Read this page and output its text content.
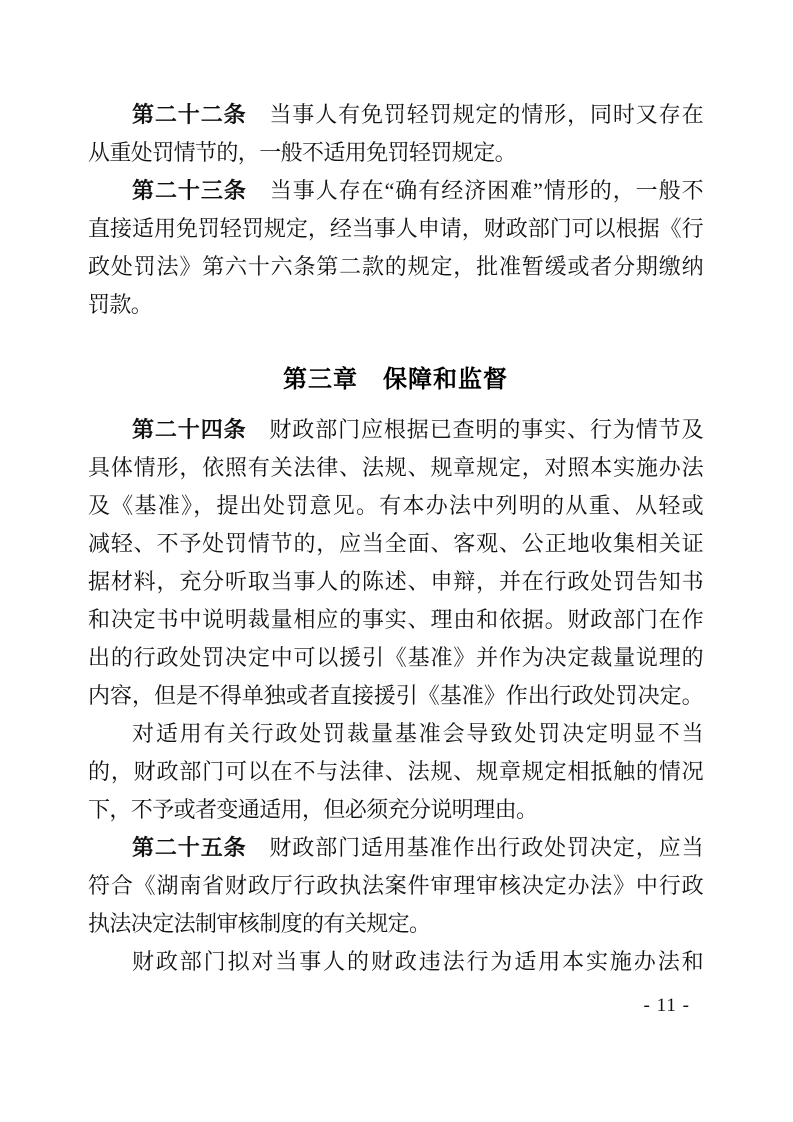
第二十二条　当事人有免罚轻罚规定的情形，同时又存在
从重处罚情节的，一般不适用免罚轻罚规定。
第二十三条　当事人存在“确有经济困难”情形的，一般不
直接适用免罚轻罚规定，经当事人申请，财政部门可以根据《行
政处罚法》第六十六条第二款的规定，批准暂缓或者分期缴纳
罚款。
第三章　保障和监督
第二十四条　财政部门应根据已查明的事实、行为情节及
具体情形，依照有关法律、法规、规章规定，对照本实施办法
及《基准》，提出处罚意见。有本办法中列明的从重、从轻或
减轻、不予处罚情节的，应当全面、客观、公正地收集相关证
据材料，充分听取当事人的陈述、申辩，并在行政处罚告知书
和决定书中说明裁量相应的事实、理由和依据。财政部门在作
出的行政处罚决定中可以援引《基准》并作为决定裁量说理的
内容，但是不得单独或者直接援引《基准》作出行政处罚决定。
对适用有关行政处罚裁量基准会导致处罚决定明显不当
的，财政部门可以在不与法律、法规、规章规定相抵触的情况
下，不予或者变通适用，但必须充分说明理由。
第二十五条　财政部门适用基准作出行政处罚决定，应当
符合《湖南省财政厅行政执法案件审理审核决定办法》中行政
执法决定法制审核制度的有关规定。
财政部门拟对当事人的财政违法行为适用本实施办法和
- 11 -
